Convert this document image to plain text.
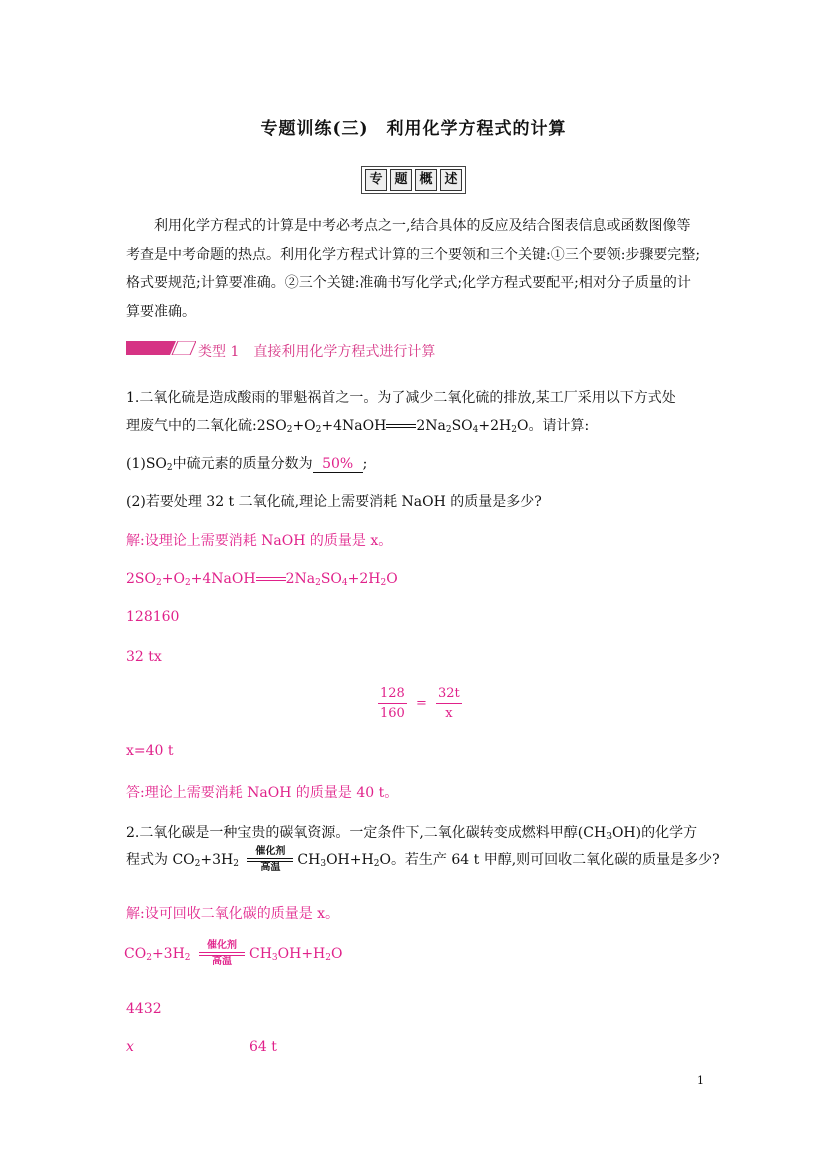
专题训练(三)　利用化学方程式的计算
专 题 概 述
利用化学方程式的计算是中考必考点之一,结合具体的反应及结合图表信息或函数图像等考查是中考命题的热点。利用化学方程式计算的三个要领和三个关键:①三个要领:步骤要完整;格式要规范;计算要准确。②三个关键:准确书写化学式;化学方程式要配平;相对分子质量的计算要准确。
类型 1　直接利用化学方程式进行计算
1.二氧化硫是造成酸雨的罪魁祸首之一。为了减少二氧化硫的排放,某工厂采用以下方式处
理废气中的二氧化硫$:2SO_2+O_2+4NaOH$ $2Na_2SO_4+2H_2O$。请计算:
$(1)SO_2$中硫元素的质量分数为 50% ;
(2)若要处理 32 t 二氧化硫,理论上需要消耗 NaOH 的质量是多少?
解:设理论上需要消耗 NaOH 的质量是 x。
$2SO_2+O_2+4NaOH$ $2Na_2SO_4+2H_2O$
128160
32 tx
$\frac{128}{160} = \frac{32t}{x}$
x=40 t
答:理论上需要消耗 NaOH 的质量是 40 t。
2.二氧化碳是一种宝贵的碳氧资源。一定条件下,二氧化碳转变成燃料甲醇$(CH_3OH)$的化学方
程式为 $CO_2+3H_2$
催化剂
高温 $CH_3OH+H_2O$。若生产 64 t 甲醇,则可回收二氧化碳的质量是多少?
解:设可回收二氧化碳的质量是 x。
$CO_2+3H_2$
催化剂
高温 $CH_3OH+H_2O$
4432
x	64 t
1
